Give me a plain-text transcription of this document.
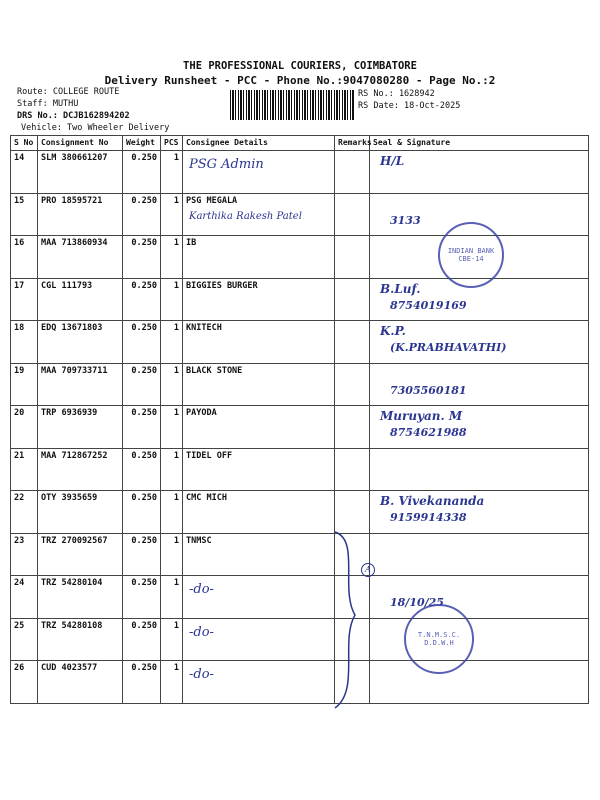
THE PROFESSIONAL COURIERS, COIMBATORE
Delivery Runsheet - PCC - Phone No.:9047080280 - Page No.:2
Route: COLLEGE ROUTE
Staff: MUTHU
DRS No.: DCJB162894202
Vehicle: Two Wheeler Delivery
RS No.: 1628942
RS Date: 18-Oct-2025
S No	Consignment No	Weight	PCS	Consignee Details	Remarks	Seal & Signature
14	SLM 380661207	0.250	1	PSG Admin		H/L

15	PRO 18595721	0.250	1	PSG MEGALA
Karthika Rakesh Patel		3133

16	MAA 713860934	0.250	1	IB

17	CGL 111793	0.250	1	BIGGIES BURGER		B.Luf.
8754019169

18	EDQ 13671803	0.250	1	KNITECH		K.P.
(K.PRABHAVATHI)

19	MAA 709733711	0.250	1	BLACK STONE		7305560181

20	TRP 6936939	0.250	1	PAYODA		Muruyan. M
8754621988

21	MAA 712867252	0.250	1	TIDEL OFF

22	OTY 3935659	0.250	1	CMC MICH		B. Vivekananda
9159914338

23	TRZ 270092567	0.250	1	TNMSC

24	TRZ 54280104	0.250	1	-do-		18/10/25

25	TRZ 54280108	0.250	1	-do-		

26	CUD 4023577	0.250	1	-do-		

INDIAN BANK CBE-14
T.N.M.S.C. D.D.W.H
A
